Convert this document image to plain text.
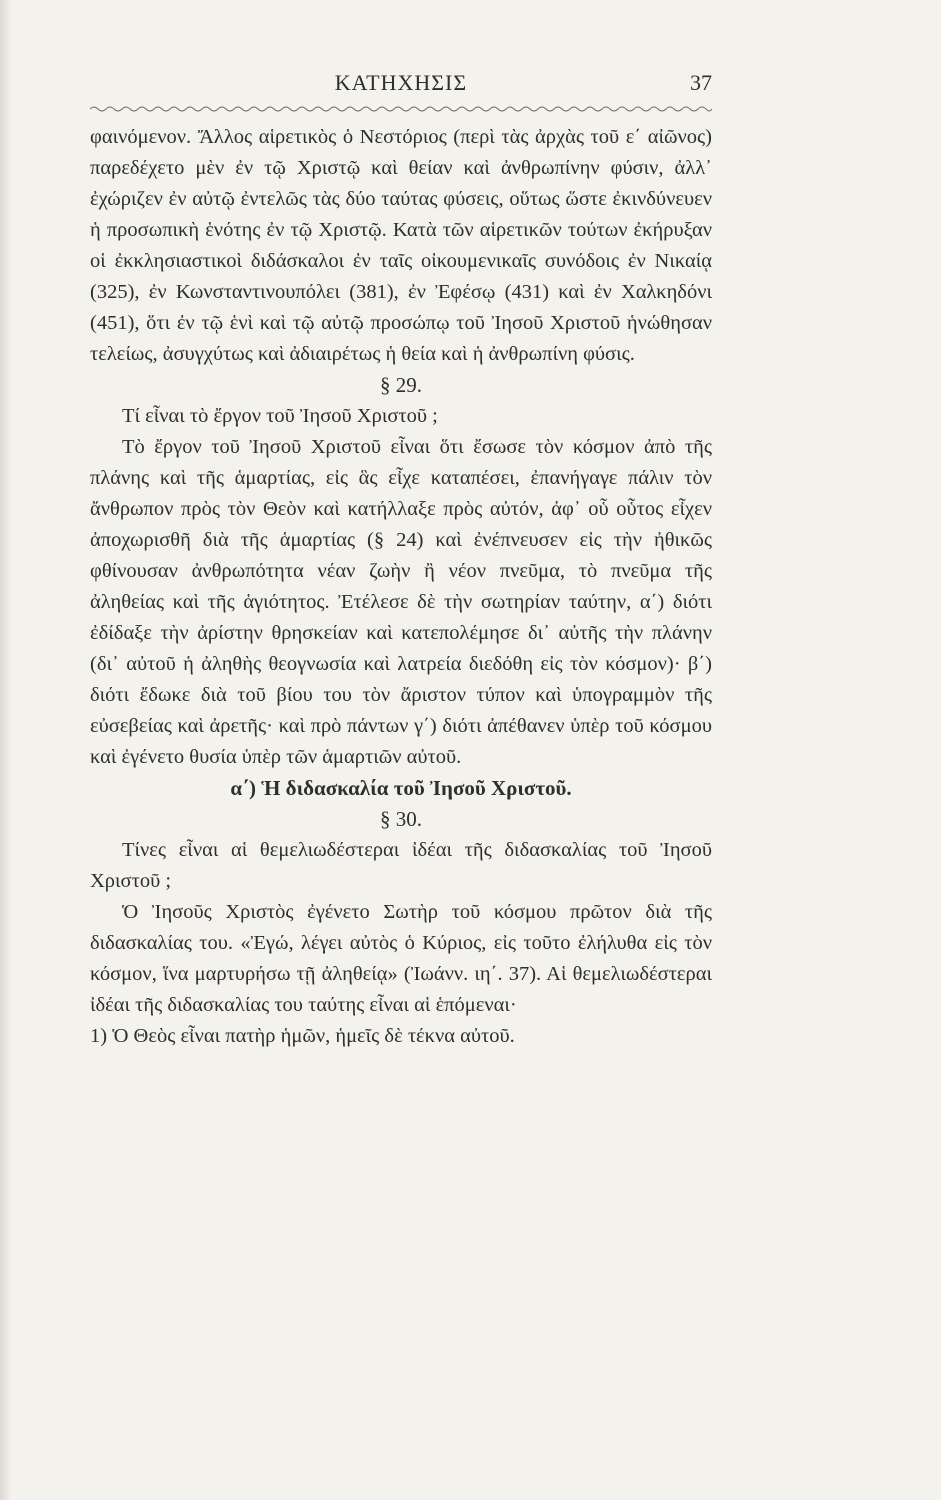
ΚΑΤΗΧΗΣΙΣ	37

φαινόμενον. Ἄλλος αἱρετικὸς ὁ Νεστόριος (περὶ τὰς ἀρχὰς τοῦ ε΄ αἰῶνος) παρεδέχετο μὲν ἐν τῷ Χριστῷ καὶ θείαν καὶ ἀνθρωπίνην φύσιν, ἀλλ᾽ ἐχώριζεν ἐν αὐτῷ ἐντελῶς τὰς δύο ταύτας φύσεις, οὕτως ὥστε ἐκινδύνευεν ἡ προσωπικὴ ἑνότης ἐν τῷ Χριστῷ. Κατὰ τῶν αἱρετικῶν τούτων ἐκήρυξαν οἱ ἐκκλησιαστικοὶ διδάσκαλοι ἐν ταῖς οἰκουμενικαῖς συνόδοις ἐν Νικαίᾳ (325), ἐν Κωνσταντινουπόλει (381), ἐν Ἐφέσῳ (431) καὶ ἐν Χαλκηδόνι (451), ὅτι ἐν τῷ ἑνὶ καὶ τῷ αὐτῷ προσώπῳ τοῦ Ἰησοῦ Χριστοῦ ἡνώθησαν τελείως, ἀσυγχύτως καὶ ἀδιαιρέτως ἡ θεία καὶ ἡ ἀνθρωπίνη φύσις.

§ 29.

Τί εἶναι τὸ ἔργον τοῦ Ἰησοῦ Χριστοῦ ;

Τὸ ἔργον τοῦ Ἰησοῦ Χριστοῦ εἶναι ὅτι ἔσωσε τὸν κόσμον ἀπὸ τῆς πλάνης καὶ τῆς ἁμαρτίας, εἰς ἃς εἶχε καταπέσει, ἐπανήγαγε πάλιν τὸν ἄνθρωπον πρὸς τὸν Θεὸν καὶ κατήλλαξε πρὸς αὐτόν, ἀφ᾽ οὗ οὗτος εἶχεν ἀποχωρισθῆ διὰ τῆς ἁμαρτίας (§ 24) καὶ ἐνέπνευσεν εἰς τὴν ἠθικῶς φθίνουσαν ἀνθρωπότητα νέαν ζωὴν ἢ νέον πνεῦμα, τὸ πνεῦμα τῆς ἀληθείας καὶ τῆς ἁγιότητος. Ἐτέλεσε δὲ τὴν σωτηρίαν ταύτην, α΄) διότι ἐδίδαξε τὴν ἀρίστην θρησκείαν καὶ κατεπολέμησε δι᾽ αὐτῆς τὴν πλάνην (δι᾽ αὐτοῦ ἡ ἀληθὴς θεογνωσία καὶ λατρεία διεδόθη εἰς τὸν κόσμον)· β΄) διότι ἔδωκε διὰ τοῦ βίου του τὸν ἄριστον τύπον καὶ ὑπογραμμὸν τῆς εὐσεβείας καὶ ἀρετῆς· καὶ πρὸ πάντων γ΄) διότι ἀπέθανεν ὑπὲρ τοῦ κόσμου καὶ ἐγένετο θυσία ὑπὲρ τῶν ἁμαρτιῶν αὐτοῦ.

α΄) Ἡ διδασκαλία τοῦ Ἰησοῦ Χριστοῦ.

§ 30.

Τίνες εἶναι αἱ θεμελιωδέστεραι ἰδέαι τῆς διδασκαλίας τοῦ Ἰησοῦ Χριστοῦ ;

Ὁ Ἰησοῦς Χριστὸς ἐγένετο Σωτὴρ τοῦ κόσμου πρῶτον διὰ τῆς διδασκαλίας του. «Ἐγώ, λέγει αὐτὸς ὁ Κύριος, εἰς τοῦτο ἐλήλυθα εἰς τὸν κόσμον, ἵνα μαρτυρήσω τῇ ἀληθείᾳ» (Ἰωάνν. ιη΄. 37). Αἱ θεμελιωδέστεραι ἰδέαι τῆς διδασκαλίας του ταύτης εἶναι αἱ ἑπόμεναι·

1) Ὁ Θεὸς εἶναι πατὴρ ἡμῶν, ἡμεῖς δὲ τέκνα αὐτοῦ.
